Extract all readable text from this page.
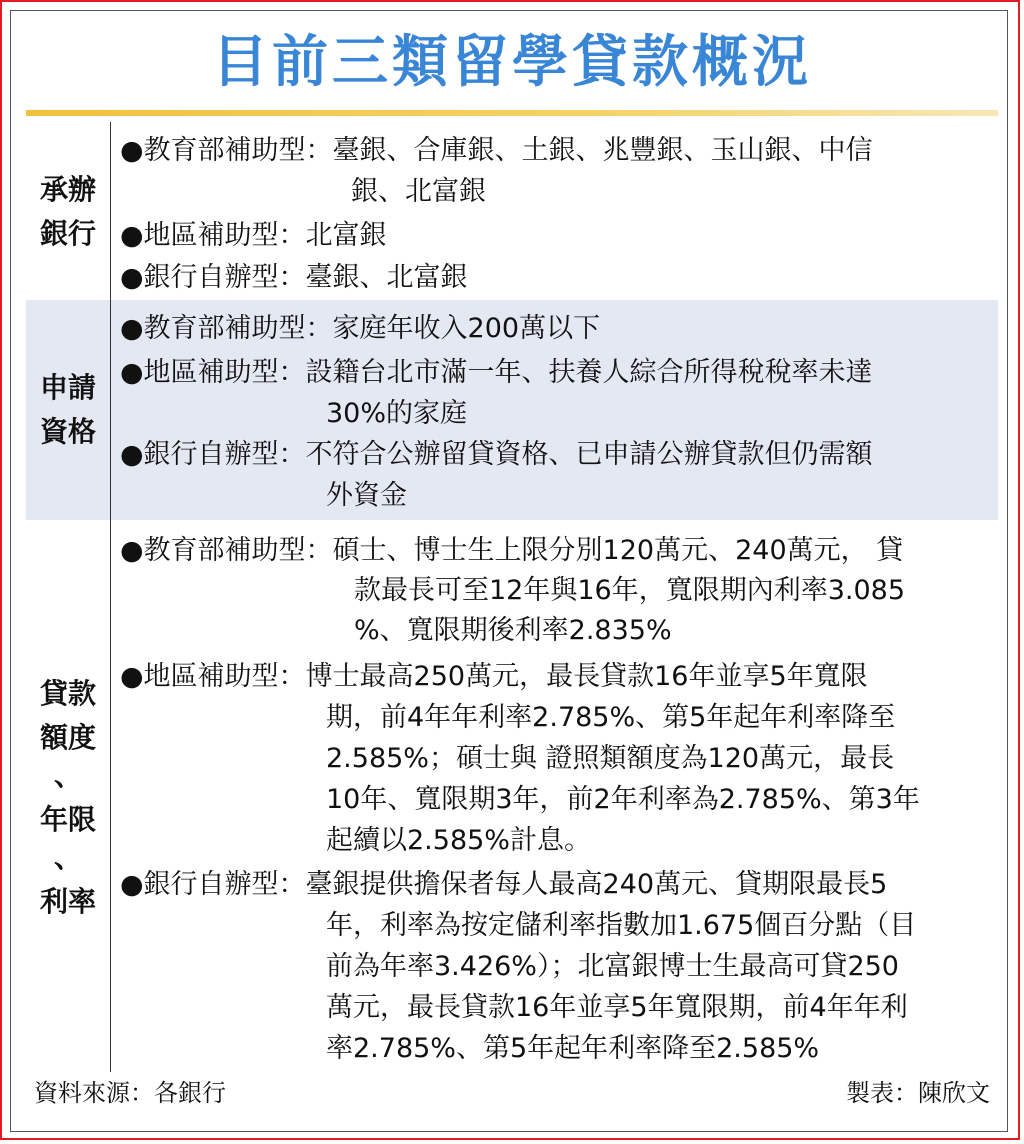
目前三類留學貸款概況
承辦
銀行
●教育部補助型：臺銀、合庫銀、土銀、兆豐銀、玉山銀、中信
銀、北富銀
●地區補助型：北富銀
●銀行自辦型：臺銀、北富銀
申請
資格
●教育部補助型：家庭年收入200萬以下
●地區補助型：設籍台北市滿一年、扶養人綜合所得稅稅率未達
30%的家庭
●銀行自辦型：不符合公辦留貸資格、已申請公辦貸款但仍需額
外資金
貸款
額度
、
年限
、
利率
●教育部補助型：碩士、博士生上限分別120萬元、240萬元， 貸
款最長可至12年與16年，寬限期內利率3.085
%、寬限期後利率2.835%
●地區補助型：博士最高250萬元，最長貸款16年並享5年寬限
期，前4年年利率2.785%、第5年起年利率降至
2.585%；碩士與 證照類額度為120萬元，最長
10年、寬限期3年，前2年利率為2.785%、第3年
起續以2.585%計息。
●銀行自辦型：臺銀提供擔保者每人最高240萬元、貸期限最長5
年，利率為按定儲利率指數加1.675個百分點（目
前為年率3.426%）；北富銀博士生最高可貸250
萬元，最長貸款16年並享5年寬限期，前4年年利
率2.785%、第5年起年利率降至2.585%
資料來源：各銀行	製表：陳欣文
